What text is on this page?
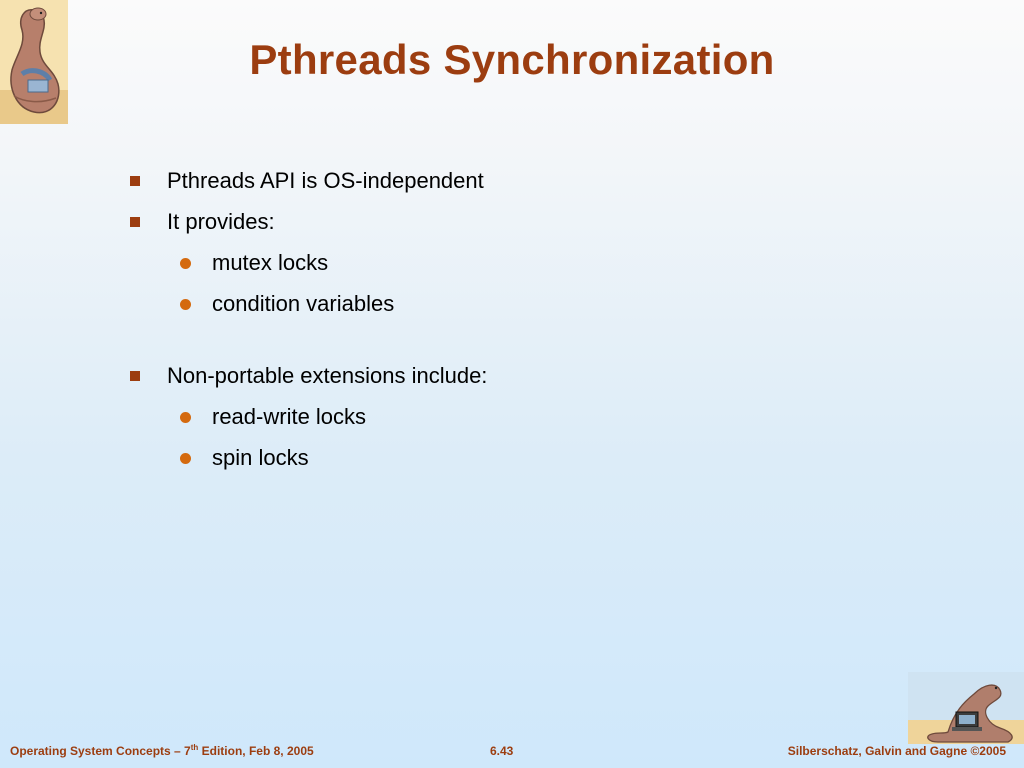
Pthreads Synchronization
Pthreads API is OS-independent
It provides:
mutex locks
condition variables
Non-portable extensions include:
read-write locks
spin locks
Operating System Concepts – 7th Edition, Feb 8, 2005	6.43	Silberschatz, Galvin and Gagne ©2005
